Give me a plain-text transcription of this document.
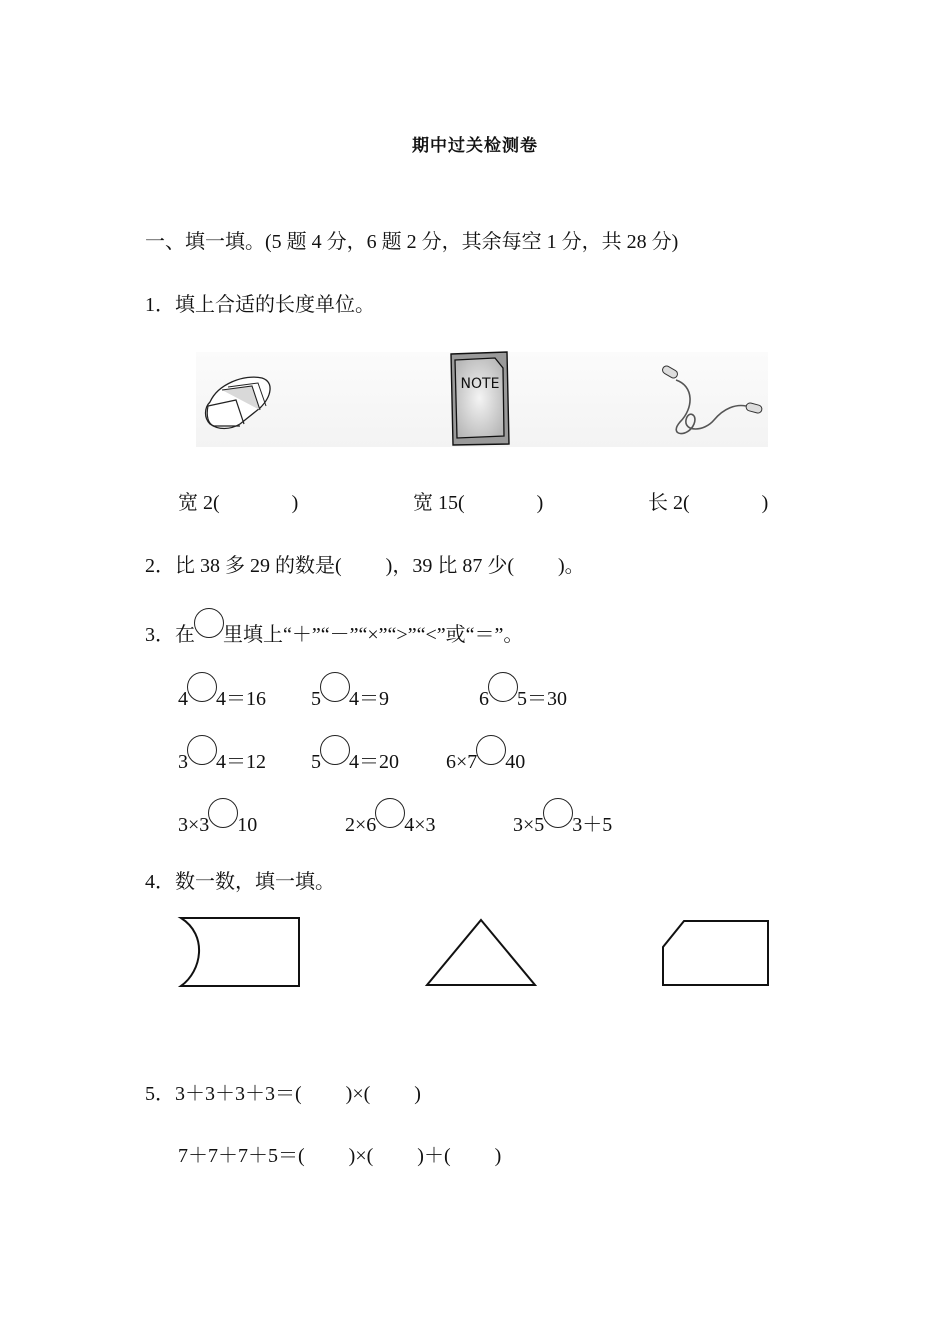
期中过关检测卷
一、填一填。(5 题 4 分，6 题 2 分，其余每空 1 分，共 28 分)
1．填上合适的长度单位。
NOTE
宽 2(	)	宽 15(	)	长 2(	)
2．比 38 多 29 的数是( )，39 比 87 少( )。
3．在 里填上“＋”“－”“×”“>”“<”或“＝”。
4 4＝16 5 4＝9	6 5＝30
3 4＝12 5 4＝20 6×7 40
3×3 10	2×6 4×3	3×5 3＋5
4．数一数，填一填。
5．3＋3＋3＋3＝( )×( )
7＋7＋7＋5＝( )×( )＋( )
